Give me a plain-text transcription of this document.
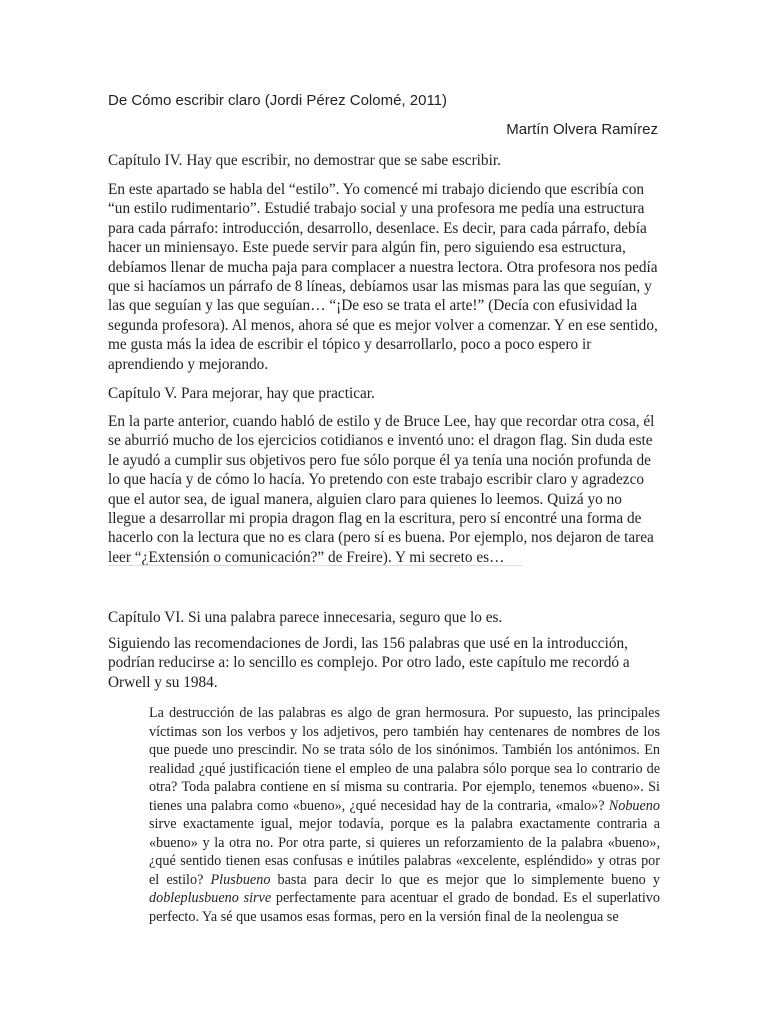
De Cómo escribir claro (Jordi Pérez Colomé, 2011)
Martín Olvera Ramírez

Capítulo IV. Hay que escribir, no demostrar que se sabe escribir.

En este apartado se habla del “estilo”. Yo comencé mi trabajo diciendo que escribía con “un estilo rudimentario”. Estudié trabajo social y una profesora me pedía una estructura para cada párrafo: introducción, desarrollo, desenlace. Es decir, para cada párrafo, debía hacer un miniensayo. Este puede servir para algún fin, pero siguiendo esa estructura, debíamos llenar de mucha paja para complacer a nuestra lectora. Otra profesora nos pedía que si hacíamos un párrafo de 8 líneas, debíamos usar las mismas para las que seguían, y las que seguían y las que seguían… “¡De eso se trata el arte!” (Decía con efusividad la segunda profesora). Al menos, ahora sé que es mejor volver a comenzar. Y en ese sentido, me gusta más la idea de escribir el tópico y desarrollarlo, poco a poco espero ir aprendiendo y mejorando.

Capítulo V. Para mejorar, hay que practicar.

En la parte anterior, cuando habló de estilo y de Bruce Lee, hay que recordar otra cosa, él se aburrió mucho de los ejercicios cotidianos e inventó uno: el dragon flag. Sin duda este le ayudó a cumplir sus objetivos pero fue sólo porque él ya tenía una noción profunda de lo que hacía y de cómo lo hacía. Yo pretendo con este trabajo escribir claro y agradezco que el autor sea, de igual manera, alguien claro para quienes lo leemos. Quizá yo no llegue a desarrollar mi propia dragon flag en la escritura, pero sí encontré una forma de hacerlo con la lectura que no es clara (pero sí es buena. Por ejemplo, nos dejaron de tarea leer “¿Extensión o comunicación?” de Freire). Y mi secreto es…

Capítulo VI. Si una palabra parece innecesaria, seguro que lo es.

Siguiendo las recomendaciones de Jordi, las 156 palabras que usé en la introducción, podrían reducirse a: lo sencillo es complejo. Por otro lado, este capítulo me recordó a Orwell y su 1984.

La destrucción de las palabras es algo de gran hermosura. Por supuesto, las principales víctimas son los verbos y los adjetivos, pero también hay centenares de nombres de los que puede uno prescindir. No se trata sólo de los sinónimos. También los antónimos. En realidad ¿qué justificación tiene el empleo de una palabra sólo porque sea lo contrario de otra? Toda palabra contiene en sí misma su contraria. Por ejemplo, tenemos «bueno». Si tienes una palabra como «bueno», ¿qué necesidad hay de la contraria, «malo»? Nobueno sirve exactamente igual, mejor todavía, porque es la palabra exactamente contraria a «bueno» y la otra no. Por otra parte, si quieres un reforzamiento de la palabra «bueno», ¿qué sentido tienen esas confusas e inútiles palabras «excelente, espléndido» y otras por el estilo? Plusbueno basta para decir lo que es mejor que lo simplemente bueno y dobleplusbueno sirve perfectamente para acentuar el grado de bondad. Es el superlativo perfecto. Ya sé que usamos esas formas, pero en la versión final de la neolengua se
